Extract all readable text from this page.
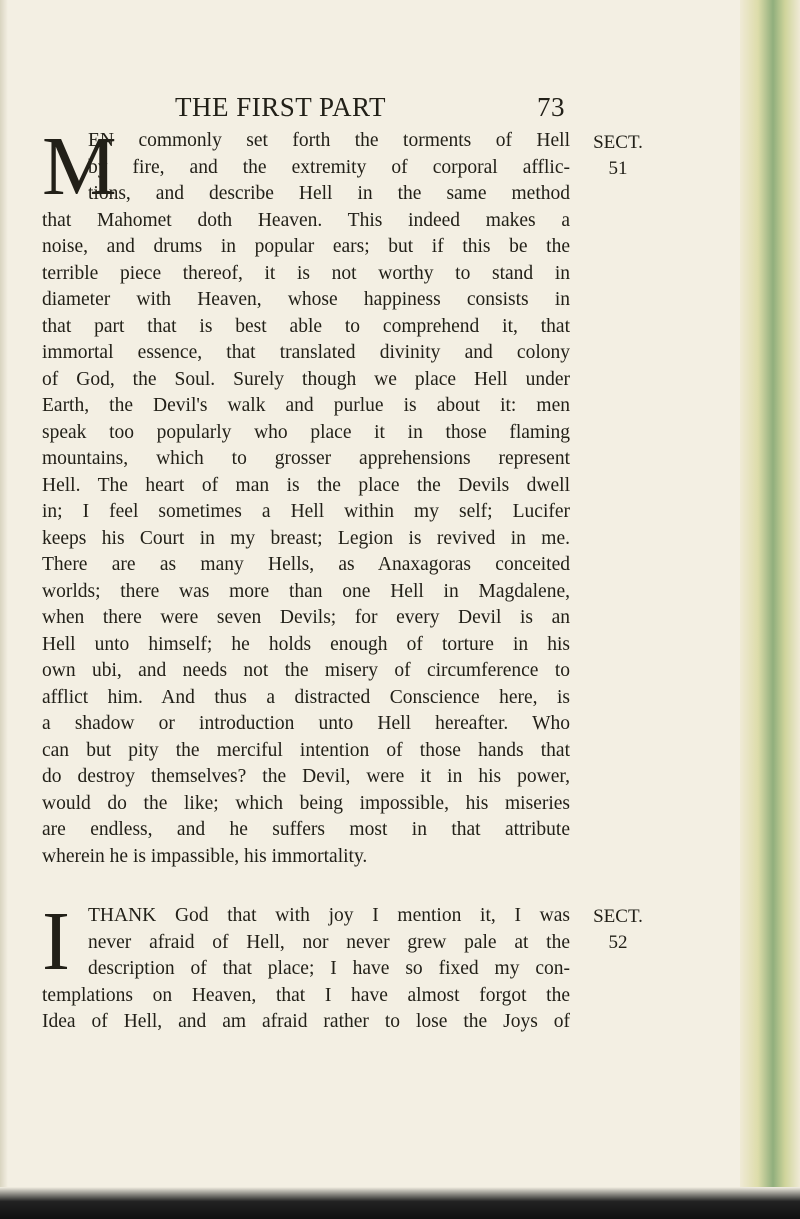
THE FIRST PART	73
SECT.
51
M
EN commonly set forth the torments of Hell
by fire, and the extremity of corporal afflic-
tions, and describe Hell in the same method
that Mahomet doth Heaven. This indeed makes a
noise, and drums in popular ears; but if this be the
terrible piece thereof, it is not worthy to stand in
diameter with Heaven, whose happiness consists in
that part that is best able to comprehend it, that
immortal essence, that translated divinity and colony
of God, the Soul. Surely though we place Hell under
Earth, the Devil's walk and purlue is about it: men
speak too popularly who place it in those flaming
mountains, which to grosser apprehensions represent
Hell. The heart of man is the place the Devils dwell
in; I feel sometimes a Hell within my self; Lucifer
keeps his Court in my breast; Legion is revived in me.
There are as many Hells, as Anaxagoras conceited
worlds; there was more than one Hell in Magdalene,
when there were seven Devils; for every Devil is an
Hell unto himself; he holds enough of torture in his
own ubi, and needs not the misery of circumference to
afflict him. And thus a distracted Conscience here, is
a shadow or introduction unto Hell hereafter. Who
can but pity the merciful intention of those hands that
do destroy themselves? the Devil, were it in his power,
would do the like; which being impossible, his miseries
are endless, and he suffers most in that attribute
wherein he is impassible, his immortality.
SECT.
52
I THANK God that with joy I mention it, I was
never afraid of Hell, nor never grew pale at the
description of that place; I have so fixed my con-
templations on Heaven, that I have almost forgot the
Idea of Hell, and am afraid rather to lose the Joys of
